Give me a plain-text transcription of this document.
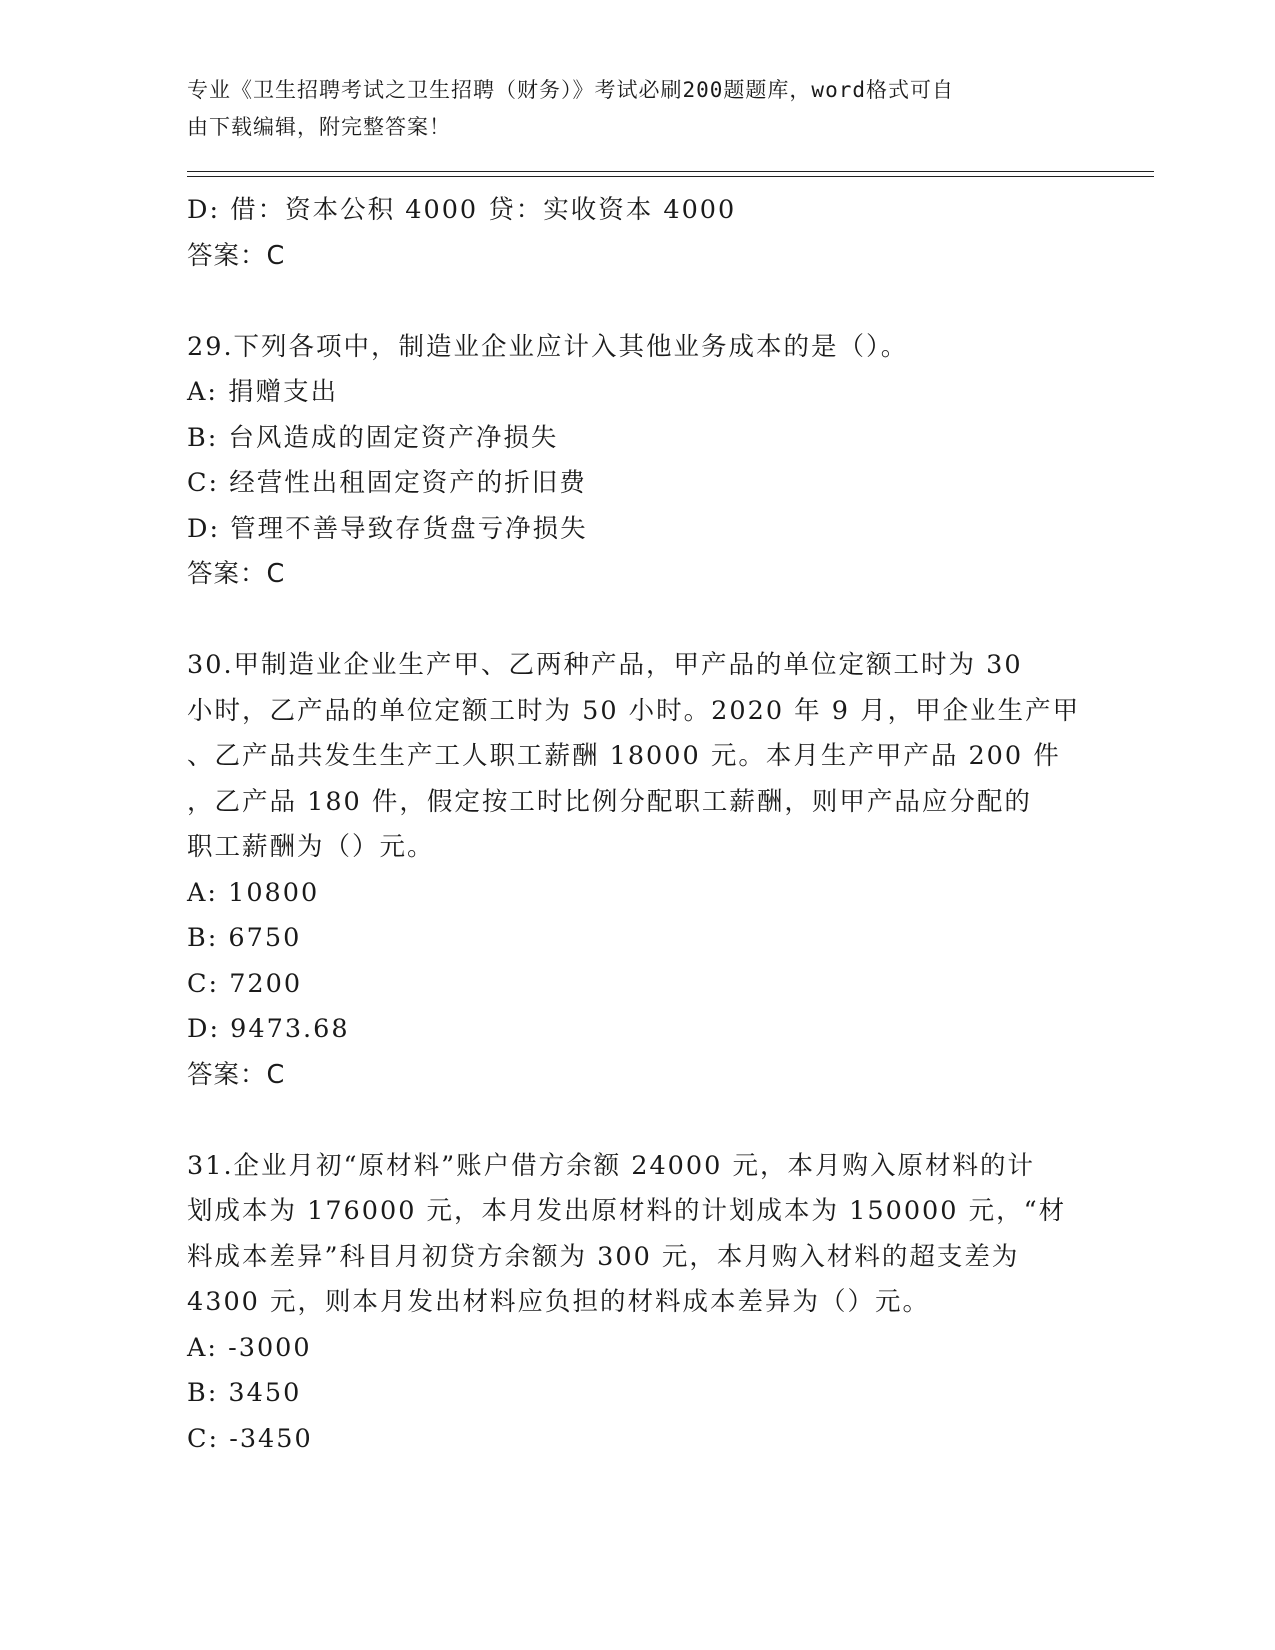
专业《卫生招聘考试之卫生招聘（财务）》考试必刷200题题库，word格式可自
由下载编辑，附完整答案！
D: 借：资本公积 4000 贷：实收资本 4000
答案：C
29.下列各项中，制造业企业应计入其他业务成本的是（）。
A: 捐赠支出
B: 台风造成的固定资产净损失
C: 经营性出租固定资产的折旧费
D: 管理不善导致存货盘亏净损失
答案：C
30.甲制造业企业生产甲、乙两种产品，甲产品的单位定额工时为 30
小时，乙产品的单位定额工时为 50 小时。2020 年 9 月，甲企业生产甲
、乙产品共发生生产工人职工薪酬 18000 元。本月生产甲产品 200 件
，乙产品 180 件，假定按工时比例分配职工薪酬，则甲产品应分配的
职工薪酬为（）元。
A: 10800
B: 6750
C: 7200
D: 9473.68
答案：C
31.企业月初“原材料”账户借方余额 24000 元，本月购入原材料的计
划成本为 176000 元，本月发出原材料的计划成本为 150000 元，“材
料成本差异”科目月初贷方余额为 300 元，本月购入材料的超支差为
4300 元，则本月发出材料应负担的材料成本差异为（）元。
A: -3000
B: 3450
C: -3450
